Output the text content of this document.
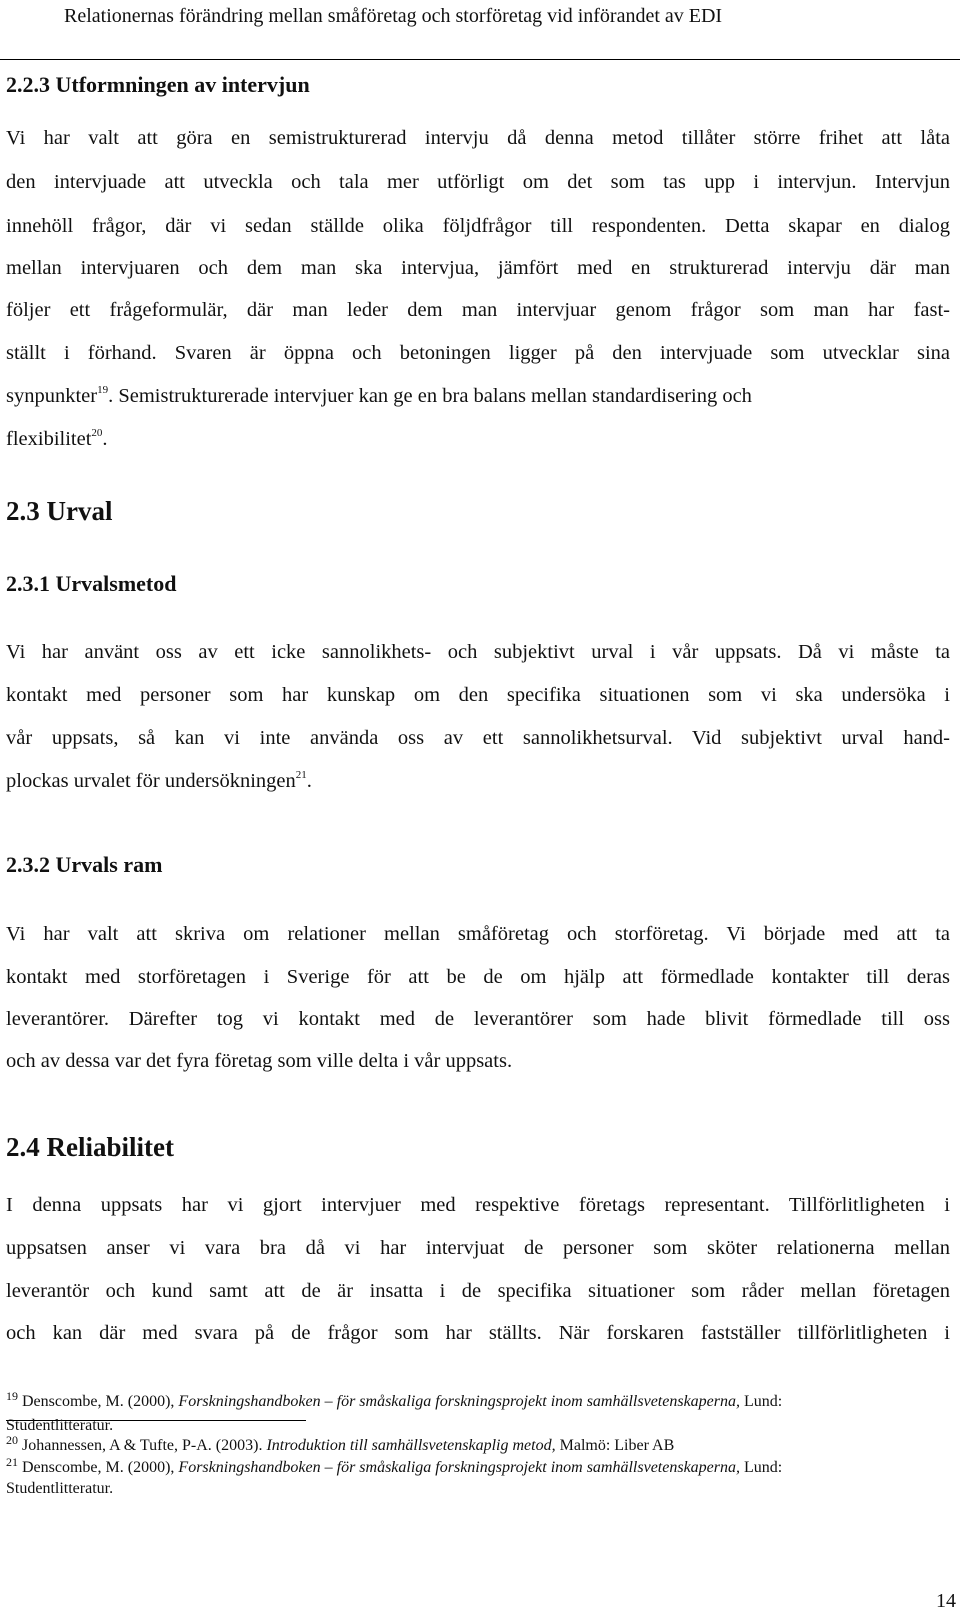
Relationernas förändring mellan småföretag och storföretag vid införandet av EDI
2.2.3 Utformningen av intervjun
Vi har valt att göra en semistrukturerad intervju då denna metod tillåter större frihet att låta
den intervjuade att utveckla och tala mer utförligt om det som tas upp i intervjun. Intervjun
innehöll frågor, där vi sedan ställde olika följdfrågor till respondenten. Detta skapar en dialog
mellan intervjuaren och dem man ska intervjua, jämfört med en strukturerad intervju där man
följer ett frågeformulär, där man leder dem man intervjuar genom frågor som man har fast-
ställt i förhand. Svaren är öppna och betoningen ligger på den intervjuade som utvecklar sina
synpunkter$^{19}$. Semistrukturerade intervjuer kan ge en bra balans mellan standardisering och
flexibilitet$^{20}$.
2.3 Urval
2.3.1 Urvalsmetod
Vi har använt oss av ett icke sannolikhets- och subjektivt urval i vår uppsats. Då vi måste ta
kontakt med personer som har kunskap om den specifika situationen som vi ska undersöka i
vår uppsats, så kan vi inte använda oss av ett sannolikhetsurval. Vid subjektivt urval hand-
plockas urvalet för undersökningen$^{21}$.
2.3.2 Urvals ram
Vi har valt att skriva om relationer mellan småföretag och storföretag. Vi började med att ta
kontakt med storföretagen i Sverige för att be de om hjälp att förmedlade kontakter till deras
leverantörer. Därefter tog vi kontakt med de leverantörer som hade blivit förmedlade till oss
och av dessa var det fyra företag som ville delta i vår uppsats.
2.4 Reliabilitet
I denna uppsats har vi gjort intervjuer med respektive företags representant. Tillförlitligheten i
uppsatsen anser vi vara bra då vi har intervjuat de personer som sköter relationerna mellan
leverantör och kund samt att de är insatta i de specifika situationer som råder mellan företagen
och kan där med svara på de frågor som har ställts. När forskaren fastställer tillförlitligheten i
$^{19}$ Denscombe, M. (2000), Forskningshandboken – för småskaliga forskningsprojekt inom samhällsvetenskaperna, Lund:
Studentlitteratur.
$^{20}$ Johannessen, A & Tufte, P-A. (2003). Introduktion till samhällsvetenskaplig metod, Malmö: Liber AB
$^{21}$ Denscombe, M. (2000), Forskningshandboken – för småskaliga forskningsprojekt inom samhällsvetenskaperna, Lund:
Studentlitteratur.
14
